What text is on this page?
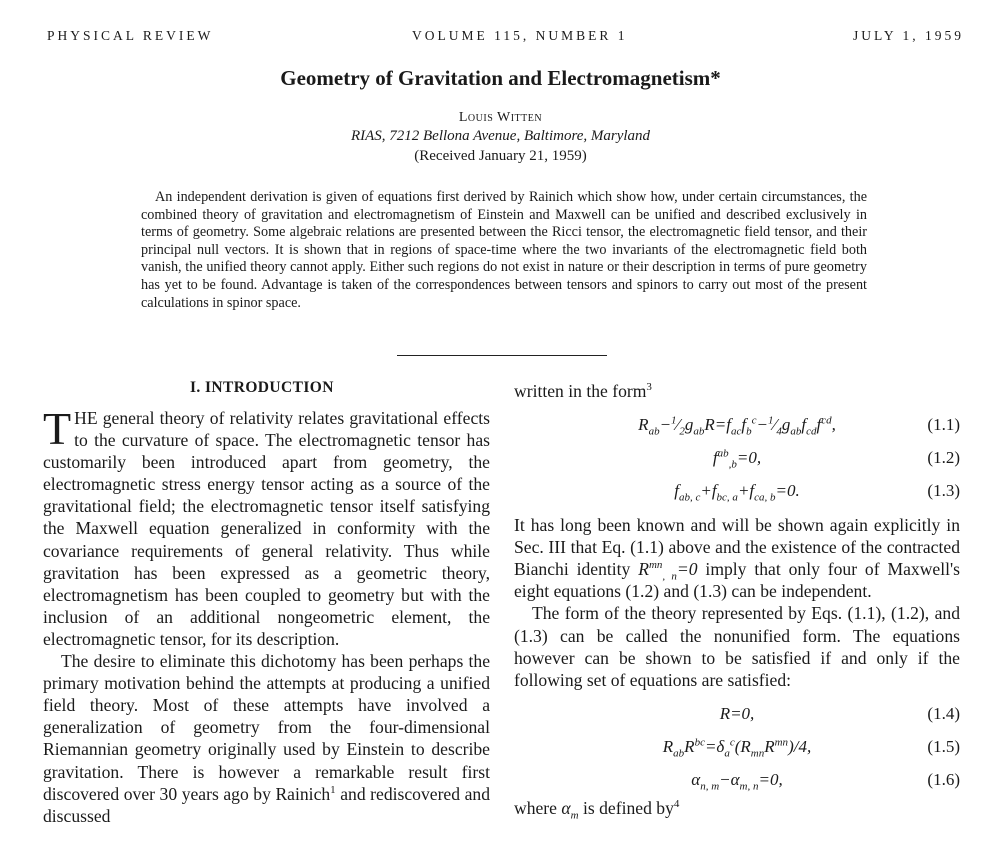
PHYSICAL REVIEW	VOLUME 115, NUMBER 1	JULY 1, 1959
Geometry of Gravitation and Electromagnetism*
Louis Witten
RIAS, 7212 Bellona Avenue, Baltimore, Maryland
(Received January 21, 1959)

An independent derivation is given of equations first derived by Rainich which show how, under certain circumstances, the combined theory of gravitation and electromagnetism of Einstein and Maxwell can be unified and described exclusively in terms of geometry. Some algebraic relations are presented between the Ricci tensor, the electromagnetic field tensor, and their principal null vectors. It is shown that in regions of space-time where the two invariants of the electromagnetic field both vanish, the unified theory cannot apply. Either such regions do not exist in nature or their description in terms of pure geometry has yet to be found. Advantage is taken of the correspondences between tensors and spinors to carry out most of the present calculations in spinor space.

I. INTRODUCTION

THE general theory of relativity relates gravitational effects to the curvature of space. The electromagnetic tensor has customarily been introduced apart from geometry, the electromagnetic stress energy tensor acting as a source of the gravitational field; the electromagnetic tensor itself satisfying the Maxwell equation generalized in conformity with the covariance requirements of general relativity. Thus while gravitation has been expressed as a geometric theory, electromagnetism has been coupled to geometry but with the inclusion of an additional nongeometric element, the electromagnetic tensor, for its description.

The desire to eliminate this dichotomy has been perhaps the primary motivation behind the attempts at producing a unified field theory. Most of these attempts have involved a generalization of geometry from the four-dimensional Riemannian geometry originally used by Einstein to describe gravitation. There is however a remarkable result first discovered over 30 years ago by Rainich$^1$ and rediscovered and discussed

written in the form$^3$

$R_{ab}-^1⁄_2g_{ab}R=f_{ac}f_b^c-^1⁄_4g_{ab}f_{cd}f^{cd}$,	(1.1)
$f^{ab}_{,b}=0$,	(1.2)
$f_{ab, c}+f_{bc, a}+f_{ca, b}=0$.	(1.3)

It has long been known and will be shown again explicitly in Sec. III that Eq. (1.1) above and the existence of the contracted Bianchi identity $R^{mn}_{, n}=0$ imply that only four of Maxwell's eight equations (1.2) and (1.3) can be independent.

The form of the theory represented by Eqs. (1.1), (1.2), and (1.3) can be called the nonunified form. The equations however can be shown to be satisfied if and only if the following set of equations are satisfied:

R=0,	(1.4)
$R_{ab}R^{bc}=\delta_a^c(R_{mn}R^{mn})/4$,	(1.5)
$\alpha_{n, m}-\alpha_{m, n}=0$,	(1.6)

where $\alpha_m$ is defined $by^4$
